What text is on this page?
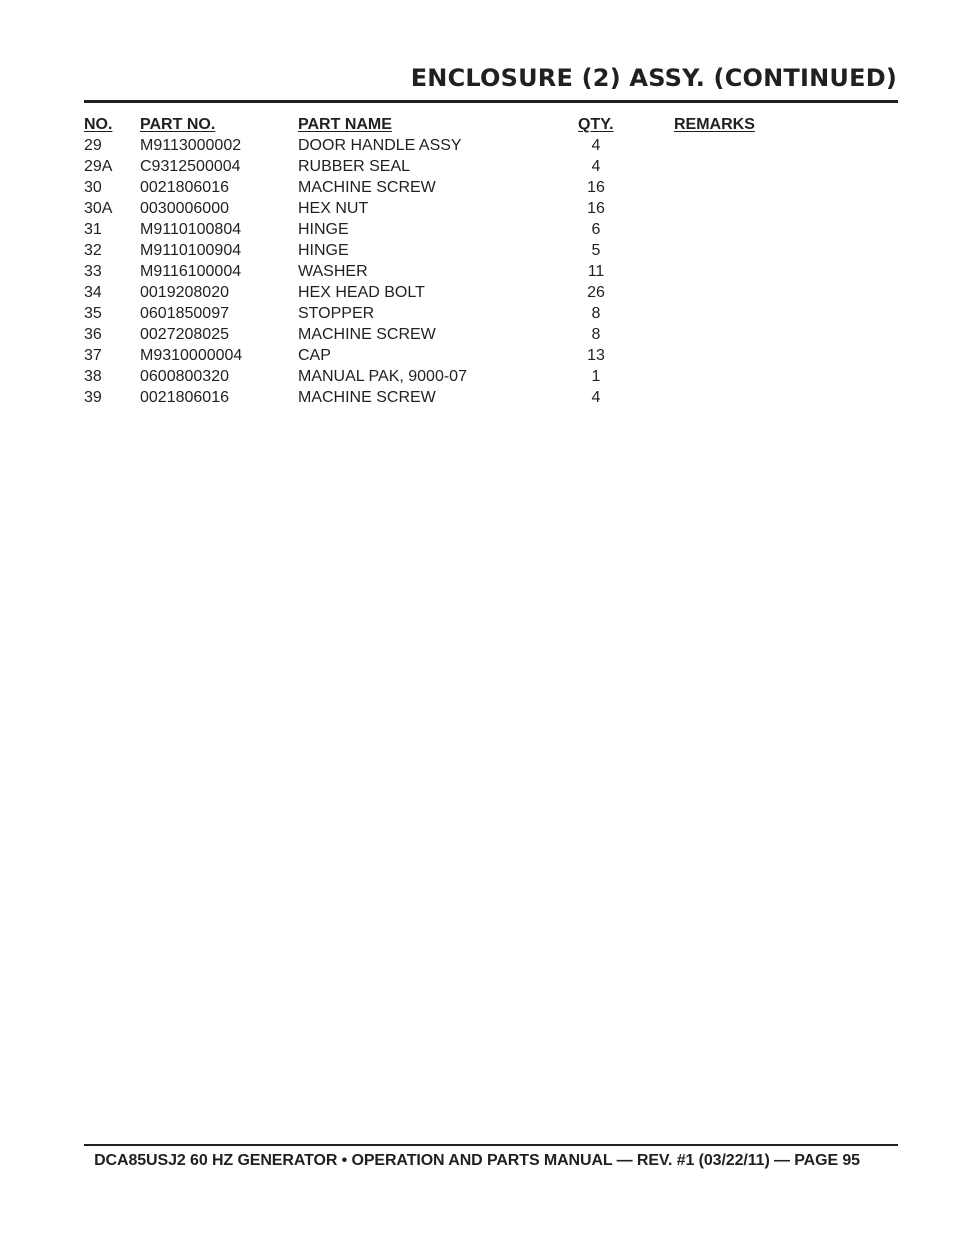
ENCLOSURE (2) ASSY. (CONTINUED)
NO. PART NO.	PART NAME	QTY.	REMARKS
29 M9113000002	DOOR HANDLE ASSY	4
29A C9312500004	RUBBER SEAL	4
30 0021806016	MACHINE SCREW	16
30A 0030006000	HEX NUT	16
31 M9110100804	HINGE	6
32 M9110100904	HINGE	5
33 M9116100004	WASHER	11
34 0019208020	HEX HEAD BOLT	26
35 0601850097	STOPPER	8
36 0027208025	MACHINE SCREW	8
37 M9310000004	CAP	13
38 0600800320	MANUAL PAK, 9000-07	1
39 0021806016	MACHINE SCREW	4
DCA85USJ2 60 HZ GENERATOR • OPERATION AND PARTS MANUAL — REV. #1 (03/22/11) — PAGE 95
